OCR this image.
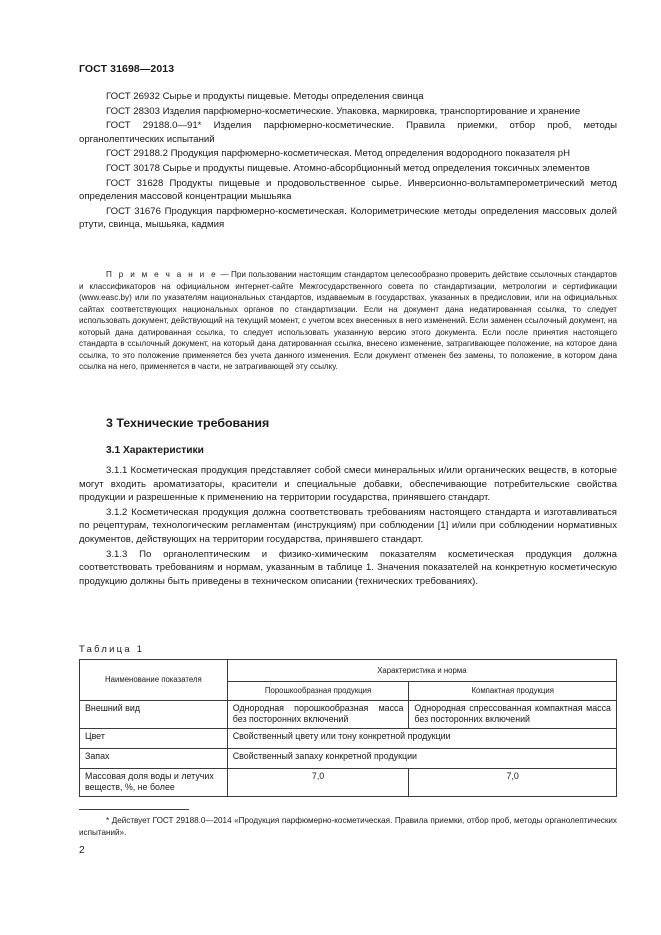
ГОСТ 31698—2013

ГОСТ 26932 Сырье и продукты пищевые. Методы определения свинца

ГОСТ 28303 Изделия парфюмерно-косметические. Упаковка, маркировка, транспортирование и хранение

ГОСТ 29188.0—91* Изделия парфюмерно-косметические. Правила приемки, отбор проб, методы органолептических испытаний

ГОСТ 29188.2 Продукция парфюмерно-косметическая. Метод определения водородного показателя pH

ГОСТ 30178 Сырье и продукты пищевые. Атомно-абсорбционный метод определения токсичных элементов

ГОСТ 31628 Продукты пищевые и продовольственное сырье. Инверсионно-вольтамперометрический метод определения массовой концентрации мышьяка

ГОСТ 31676 Продукция парфюмерно-косметическая. Колориметрические методы определения массовых долей ртути, свинца, мышьяка, кадмия

П р и м е ч а н и е — При пользовании настоящим стандартом целесообразно проверить действие ссылочных стандартов и классификаторов на официальном интернет-сайте Межгосударственного совета по стандартизации, метрологии и сертификации (www.easc.by) или по указателям национальных стандартов, издаваемым в государствах, указанных в предисловии, или на официальных сайтах соответствующих национальных органов по стандартизации. Если на документ дана недатированная ссылка, то следует использовать документ, действующий на текущий момент, с учетом всех внесенных в него изменений. Если заменен ссылочный документ, на который дана датированная ссылка, то следует использовать указанную версию этого документа. Если после принятия настоящего стандарта в ссылочный документ, на который дана датированная ссылка, внесено изменение, затрагивающее положение, на которое дана ссылка, то это положение применяется без учета данного изменения. Если документ отменен без замены, то положение, в котором дана ссылка на него, применяется в части, не затрагивающей эту ссылку.
3 Технические требования
3.1 Характеристики

3.1.1 Косметическая продукция представляет собой смеси минеральных и/или органических веществ, в которые могут входить ароматизаторы, красители и специальные добавки, обеспечивающие потребительские свойства продукции и разрешенные к применению на территории государства, принявшего стандарт.

3.1.2 Косметическая продукция должна соответствовать требованиям настоящего стандарта и изготавливаться по рецептурам, технологическим регламентам (инструкциям) при соблюдении [1] и/или при соблюдении нормативных документов, действующих на территории государства, принявшего стандарт.

3.1.3 По органолептическим и физико-химическим показателям косметическая продукция должна соответствовать требованиям и нормам, указанным в таблице 1. Значения показателей на конкретную косметическую продукцию должны быть приведены в техническом описании (технических требованиях).

Таблица 1
Наименование показателя	Характеристика и норма	
	Порошкообразная продукция	Компактная продукция
Внешний вид	Однородная порошкообразная масса без посторонних включений	Однородная спрессованная компактная масса без посторонних включений
Цвет	Свойственный цвету или тону конкретной продукции	
Запах	Свойственный запаху конкретной продукции	
Массовая доля воды и летучих веществ, %, не более	7,0	7,0
* Действует ГОСТ 29188.0—2014 «Продукция парфюмерно-косметическая. Правила приемки, отбор проб, методы органолептических испытаний».
2
